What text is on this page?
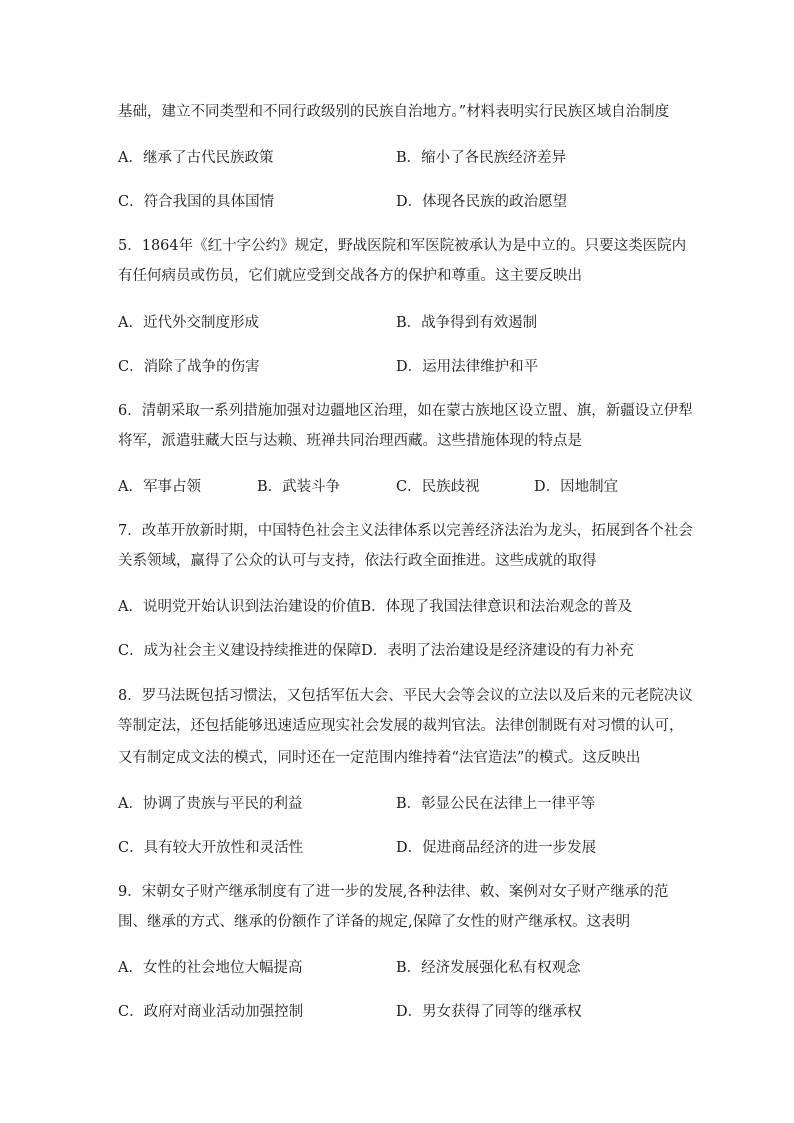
基础，建立不同类型和不同行政级别的民族自治地方。”材料表明实行民族区域自治制度
A．继承了古代民族政策	B．缩小了各民族经济差异
C．符合我国的具体国情	D．体现各民族的政治愿望
5．1864年《红十字公约》规定，野战医院和军医院被承认为是中立的。只要这类医院内
有任何病员或伤员，它们就应受到交战各方的保护和尊重。这主要反映出
A．近代外交制度形成	B．战争得到有效遏制
C．消除了战争的伤害	D．运用法律维护和平
6．清朝采取一系列措施加强对边疆地区治理，如在蒙古族地区设立盟、旗，新疆设立伊犁
将军，派遣驻藏大臣与达赖、班禅共同治理西藏。这些措施体现的特点是
A．军事占领	B．武装斗争	C．民族歧视	D．因地制宜
7．改革开放新时期，中国特色社会主义法律体系以完善经济法治为龙头，拓展到各个社会
关系领域，赢得了公众的认可与支持，依法行政全面推进。这些成就的取得
A．说明党开始认识到法治建设的价值B．体现了我国法律意识和法治观念的普及
C．成为社会主义建设持续推进的保障D．表明了法治建设是经济建设的有力补充
8．罗马法既包括习惯法，又包括军伍大会、平民大会等会议的立法以及后来的元老院决议
等制定法，还包括能够迅速适应现实社会发展的裁判官法。法律创制既有对习惯的认可，
又有制定成文法的模式，同时还在一定范围内维持着“法官造法”的模式。这反映出
A．协调了贵族与平民的利益	B．彰显公民在法律上一律平等
C．具有较大开放性和灵活性	D．促进商品经济的进一步发展
9．宋朝女子财产继承制度有了进一步的发展,各种法律、敕、案例对女子财产继承的范
围、继承的方式、继承的份额作了详备的规定,保障了女性的财产继承权。这表明
A．女性的社会地位大幅提高	B．经济发展强化私有权观念
C．政府对商业活动加强控制	D．男女获得了同等的继承权
